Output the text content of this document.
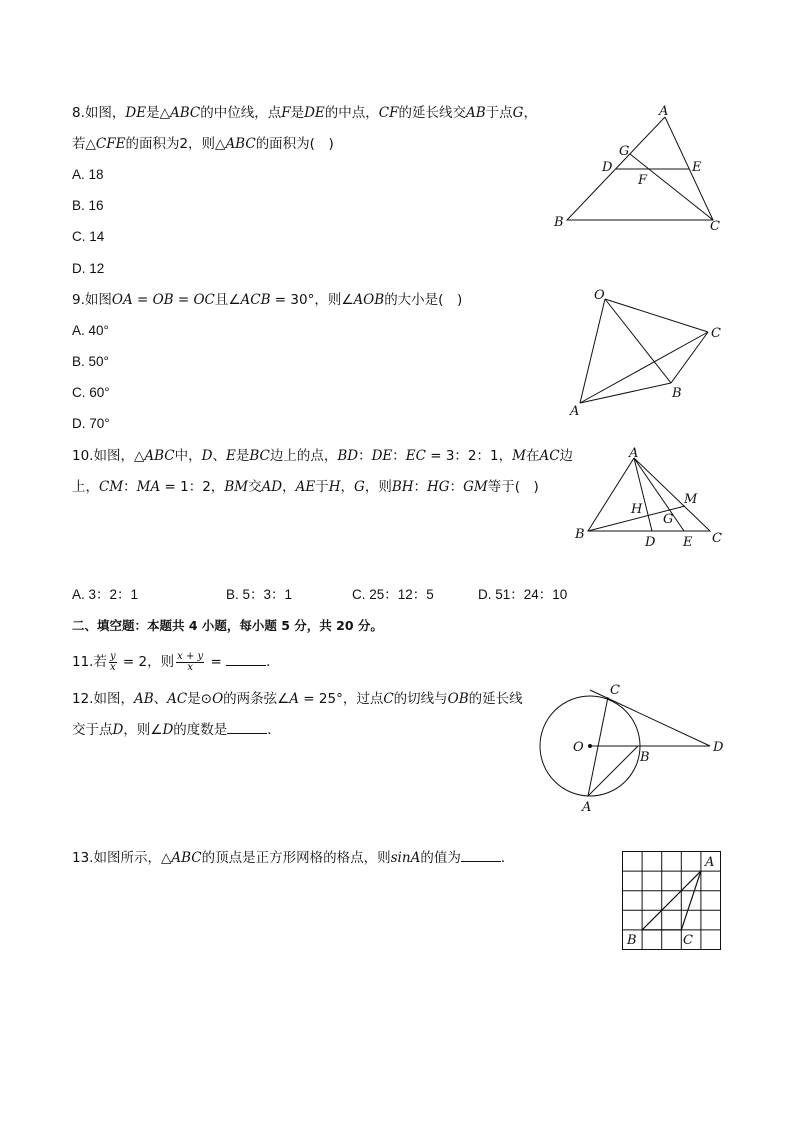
8.如图，DE是△ABC的中位线，点F是DE的中点，CF的延长线交AB于点G，
若△CFE的面积为2，则△ABC的面积为(　)
A. 18
B. 16
C. 14
D. 12
A
G
D	E
F
B	C
9.如图OA = OB = OC且∠ACB = 30°，则∠AOB的大小是(　)
A. 40°
B. 50°
C. 60°
D. 70°
O
C
B
A
10.如图，△ABC中，D、E是BC边上的点，BD：DE：EC = 3：2：1，M在AC边
上，CM：MA = 1：2，BM交AD，AE于H，G，则BH：HG：GM等于(　)
A
M
H
G
B
D E C
A. 3：2：1	B. 5：3：1	C. 25：12：5	D. 51：24：10
二、填空题：本题共 4 小题，每小题 5 分，共 20 分。
11.若 $\frac{y}{x} = 2$，则 $\frac{x + y}{x}$ =	．
12.如图，AB、AC是⊙O的两条弦∠A = 25°，过点C的切线与OB的延长线
交于点D，则∠D的度数是	．
C
O
B
D
A
13.如图所示，△ABC的顶点是正方形网格的格点，则sinA的值为	．	A
B	C
